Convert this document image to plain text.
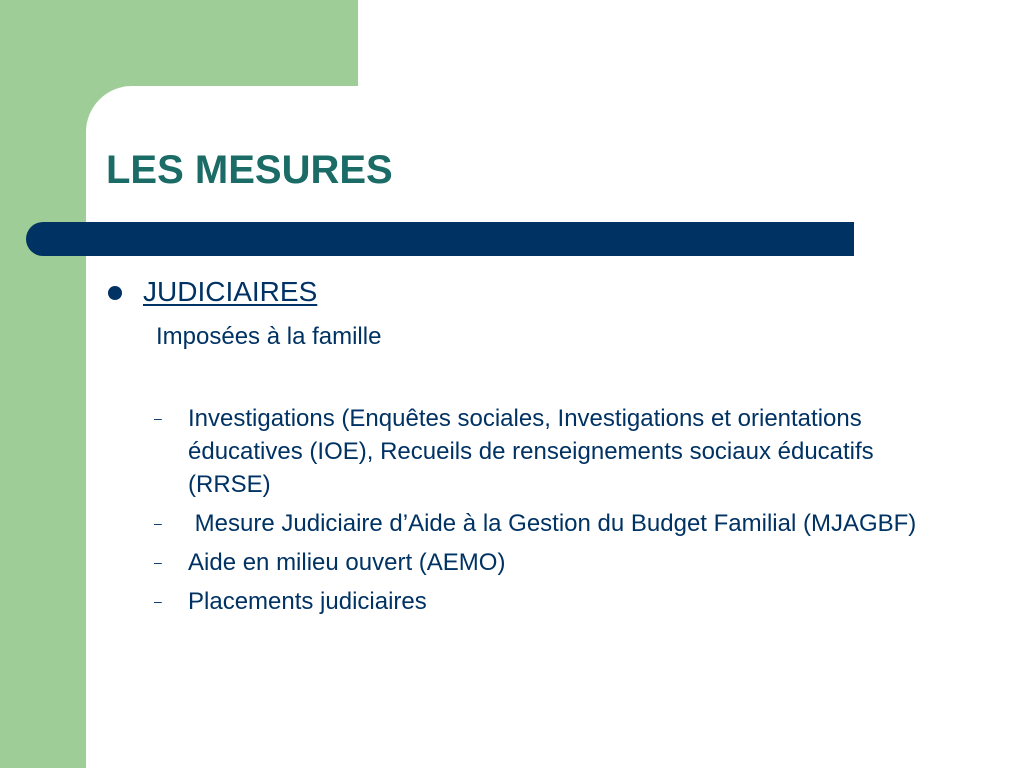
LES MESURES
JUDICIAIRES
Imposées à la famille
–	Investigations (Enquêtes sociales, Investigations et orientations éducatives (IOE), Recueils de renseignements sociaux éducatifs (RRSE)
–	Mesure Judiciaire d’Aide à la Gestion du Budget Familial (MJAGBF)
–	Aide en milieu ouvert (AEMO)
–	Placements judiciaires
